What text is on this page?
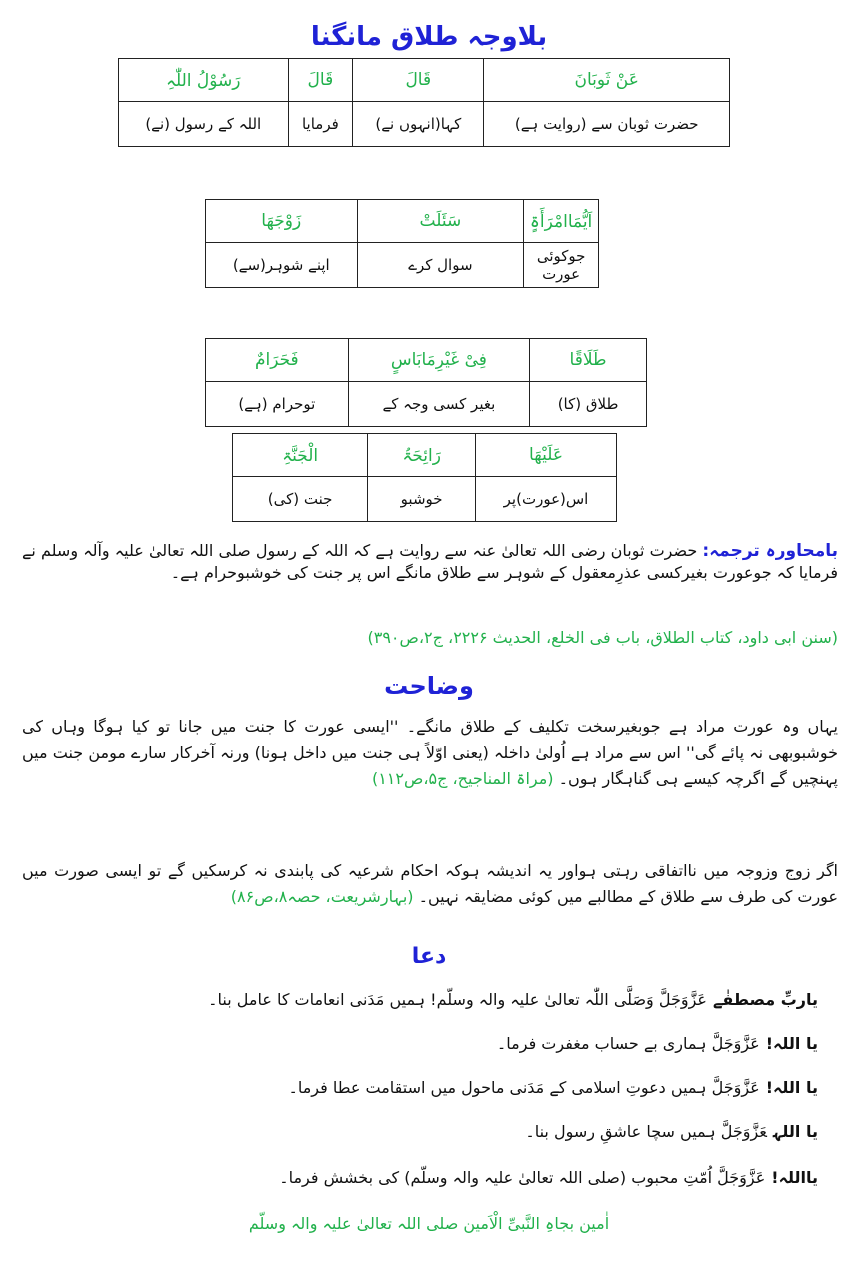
بلاوجہ طلاق مانگنا
عَنْ ثَوبَانَ	قَالَ	قَالَ	رَسُوْلُ اللّٰہِ
حضرت ثوبان سے (روایت ہے)	کہا(انہوں نے)	فرمایا	اللہ کے رسول (نے)
اَیُّمَاامْرَأَۃٍ	سَئَلَتْ	زَوْجَھَا
جوکوئی عورت	سوال کرے	اپنے شوہر(سے)
طَلَاقًا	فِیْ غَیْرِمَابَاسٍ	فَحَرَامٌ
طلاق (کا)	بغیر کسی وجہ کے	توحرام (ہے)
عَلَیْھَا	رَائِحَۃُ	الْجَنَّۃِ
اس(عورت)پر	خوشبو	جنت (کی)
بامحاورہ ترجمہ: حضرت ثوبان رضی اللہ تعالیٰ عنہ سے روایت ہے کہ اللہ کے رسول صلی اللہ تعالیٰ علیہ وآلہ وسلم نے فرمایا کہ جوعورت بغیرکسی عذرِمعقول کے شوہر سے طلاق مانگے اس پر جنت کی خوشبوحرام ہے۔
(سنن ابی داود، کتاب الطلاق، باب فی الخلع، الحدیث ۲۲۲۶، ج۲،ص۳۹۰)
وضاحت
یہاں وہ عورت مراد ہے جوبغیرسخت تکلیف کے طلاق مانگے۔ ''ایسی عورت کا جنت میں جانا تو کیا ہوگا وہاں کی خوشبوبھی نہ پائے گی'' اس سے مراد ہے اُولیٰ داخلہ (یعنی اوّلاً ہی جنت میں داخل ہونا) ورنہ آخرکار سارے مومن جنت میں پہنچیں گے اگرچہ کیسے ہی گناہگار ہوں۔ (مراۃ المناجیح، ج۵،ص۱۱۲)
اگر زوج وزوجہ میں نااتفاقی رہتی ہواور یہ اندیشہ ہوکہ احکام شرعیہ کی پابندی نہ کرسکیں گے تو ایسی صورت میں عورت کی طرف سے طلاق کے مطالبے میں کوئی مضایقہ نہیں۔ (بہارشریعت، حصہ۸،ص۸۶)
دعا
یاربِّ مصطفٰےعَزَّوَجَلَّ وَصَلَّی اللّٰہ تعالیٰ علیہ والہ وسلّم! ہمیں مَدَنی انعامات کا عامل بنا۔
یا اللہ!عَزَّوَجَلَّ ہماری بے حساب مغفرت فرما۔
یا اللہ!عَزَّوَجَلَّ ہمیں دعوتِ اسلامی کے مَدَنی ماحول میں استقامت عطا فرما۔
یا اللہعَزَّوَجَلَّ ہمیں سچا عاشقِ رسول بنا۔
یااللہ!عَزَّوَجَلَّ اُمّتِ محبوب (صلی اللہ تعالیٰ علیہ والہ وسلّم) کی بخشش فرما۔
اٰمین بجاہِ النَّبیِّ الْاَمین صلی اللہ تعالیٰ علیہ والہ وسلّم
